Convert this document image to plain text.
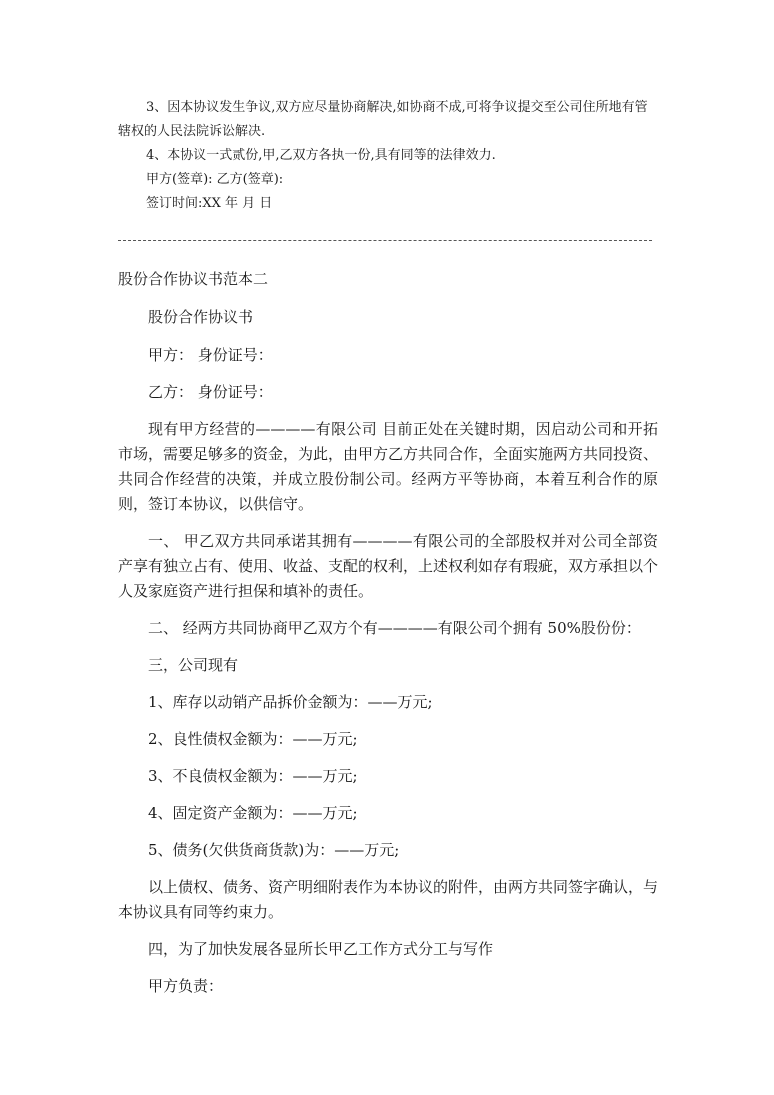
3、因本协议发生争议,双方应尽量协商解决,如协商不成,可将争议提交至公司住所地有管辖权的人民法院诉讼解决.

4、本协议一式贰份,甲,乙双方各执一份,具有同等的法律效力.

甲方(签章): 乙方(签章):

签订时间:XX 年 月 日

股份合作协议书范本二

股份合作协议书

甲方： 身份证号：

乙方： 身份证号：

现有甲方经营的————有限公司 目前正处在关键时期，因启动公司和开拓市场，需要足够多的资金，为此，由甲方乙方共同合作，全面实施两方共同投资、共同合作经营的决策，并成立股份制公司。经两方平等协商，本着互利合作的原则，签订本协议，以供信守。

一、 甲乙双方共同承诺其拥有————有限公司的全部股权并对公司全部资产享有独立占有、使用、收益、支配的权利，上述权利如存有瑕疵，双方承担以个人及家庭资产进行担保和填补的责任。

二、 经两方共同协商甲乙双方个有————有限公司个拥有 50%股份份：

三，公司现有

1、库存以动销产品拆价金额为：——万元;

2、良性债权金额为：——万元;

3、不良债权金额为：——万元;

4、固定资产金额为：——万元;

5、债务(欠供货商货款)为：——万元;

以上债权、债务、资产明细附表作为本协议的附件，由两方共同签字确认，与本协议具有同等约束力。

四，为了加快发展各显所长甲乙工作方式分工与写作

甲方负责：
